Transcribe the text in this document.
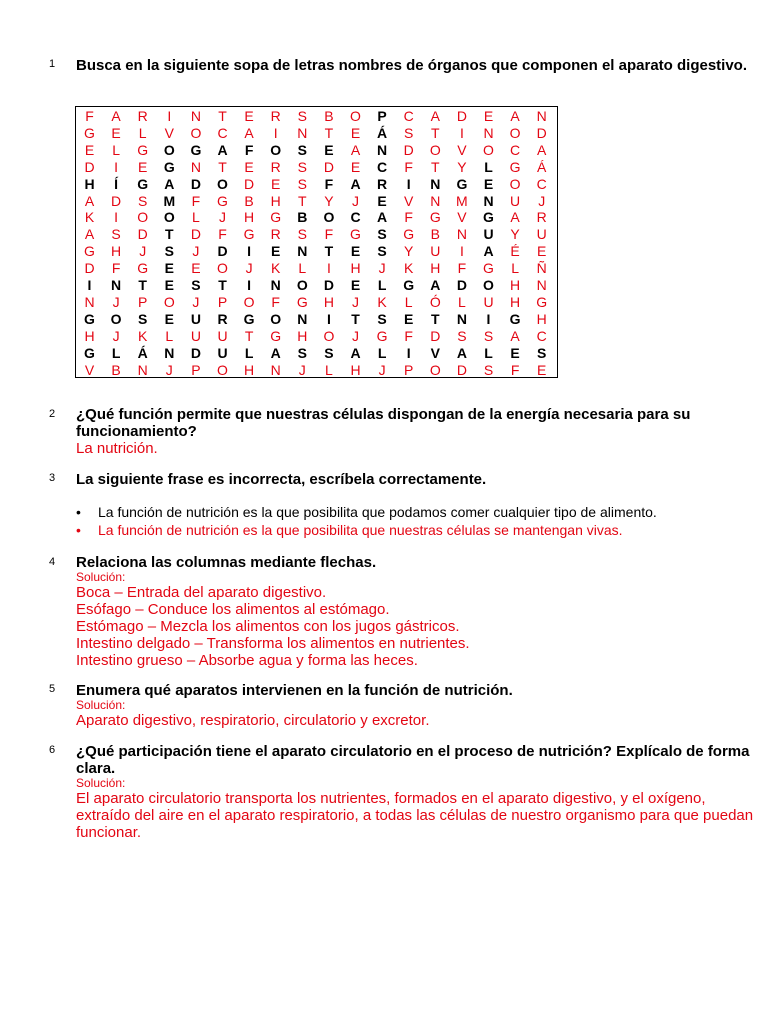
1 Busca en la siguiente sopa de letras nombres de órganos que componen el aparato digestivo.
F	A	R	I	N	T	E	R	S	B	O	P	C	A	D	E	A	N
G	E	L	V	O	C	A	I	N	T	E	Á	S	T	I	N	O	D
E	L	G	O	G	A	F	O	S	E	A	N	D	O	V	O	C	A
D	I	E	G	N	T	E	R	S	D	E	C	F	T	Y	L	G	Á
H	Í	G	A	D	O	D	E	S	F	A	R	I	N	G	E	O	C
A	D	S	M	F	G	B	H	T	Y	J	E	V	N	M	N	U	J
K	I	O	O	L	J	H	G	B	O	C	A	F	G	V	G	A	R
A	S	D	T	D	F	G	R	S	F	G	S	G	B	N	U	Y	U
G	H	J	S	J	D	I	E	N	T	E	S	Y	U	I	A	É	E
D	F	G	E	E	O	J	K	L	I	H	J	K	H	F	G	L	Ñ
I	N	T	E	S	T	I	N	O	D	E	L	G	A	D	O	H	N
N	J	P	O	J	P	O	F	G	H	J	K	L	Ó	L	U	H	G
G	O	S	E	U	R	G	O	N	I	T	S	E	T	N	I	G	H
H	J	K	L	U	U	T	G	H	O	J	G	F	D	S	S	A	C
G	L	Á	N	D	U	L	A	S	S	A	L	I	V	A	L	E	S
V	B	N	J	P	O	H	N	J	L	H	J	P	O	D	S	F	E
2 ¿Qué función permite que nuestras células dispongan de la energía necesaria para su funcionamiento?
La nutrición.
3 La siguiente frase es incorrecta, escríbela correctamente.
• La función de nutrición es la que posibilita que podamos comer cualquier tipo de alimento.
• La función de nutrición es la que posibilita que nuestras células se mantengan vivas.
4 Relaciona las columnas mediante flechas.
Solución:
Boca – Entrada del aparato digestivo.
Esófago – Conduce los alimentos al estómago.
Estómago – Mezcla los alimentos con los jugos gástricos.
Intestino delgado – Transforma los alimentos en nutrientes.
Intestino grueso – Absorbe agua y forma las heces.
5 Enumera qué aparatos intervienen en la función de nutrición.
Solución:
Aparato digestivo, respiratorio, circulatorio y excretor.
6 ¿Qué participación tiene el aparato circulatorio en el proceso de nutrición? Explícalo de forma clara.
Solución:
El aparato circulatorio transporta los nutrientes, formados en el aparato digestivo, y el oxígeno, extraído del aire en el aparato respiratorio, a todas las células de nuestro organismo para que puedan funcionar.
